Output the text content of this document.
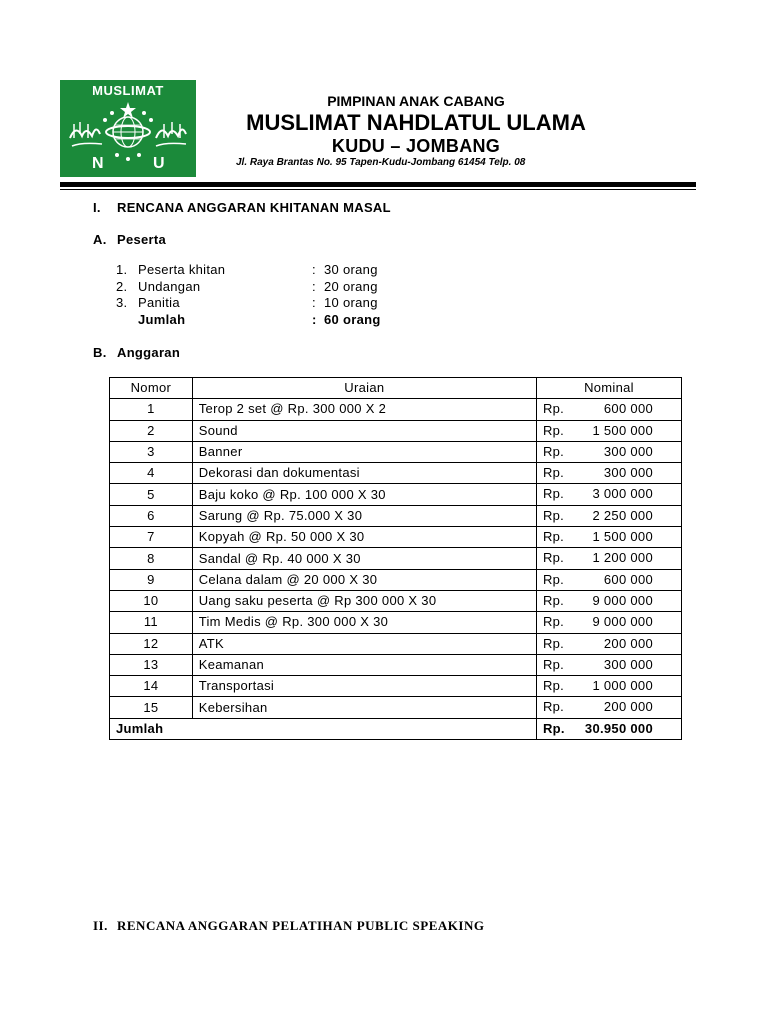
MUSLIMAT
N	U
PIMPINAN ANAK CABANG
MUSLIMAT NAHDLATUL ULAMA
KUDU – JOMBANG
Jl. Raya Brantas No. 95 Tapen-Kudu-Jombang 61454 Telp. 08
I. RENCANA ANGGARAN KHITANAN MASAL
A. Peserta
1. Peserta khitan	: 30 orang
2. Undangan	: 20 orang
3. Panitia	: 10 orang
Jumlah	: 60 orang
B. Anggaran
Nomor	Uraian	Nominal
1	Terop 2 set @ Rp. 300 000 X 2	Rp. 600 000

2	Sound	Rp. 1 500 000

3	Banner	Rp. 300 000

4	Dekorasi dan dokumentasi	Rp. 300 000

5	Baju koko @ Rp. 100 000 X 30	Rp. 3 000 000

6	Sarung @ Rp. 75.000 X 30	Rp. 2 250 000

7	Kopyah @ Rp. 50 000 X 30	Rp. 1 500 000

8	Sandal @ Rp. 40 000 X 30	Rp. 1 200 000

9	Celana dalam @ 20 000 X 30	Rp. 600 000

10	Uang saku peserta @ Rp 300 000 X 30	Rp. 9 000 000

11	Tim Medis @ Rp. 300 000 X 30	Rp. 9 000 000

12	ATK	Rp. 200 000

13	Keamanan	Rp. 300 000

14	Transportasi	Rp. 1 000 000

15	Kebersihan	Rp. 200 000

Jumlah		Rp. 30.950 000
II. RENCANA ANGGARAN PELATIHAN PUBLIC SPEAKING
